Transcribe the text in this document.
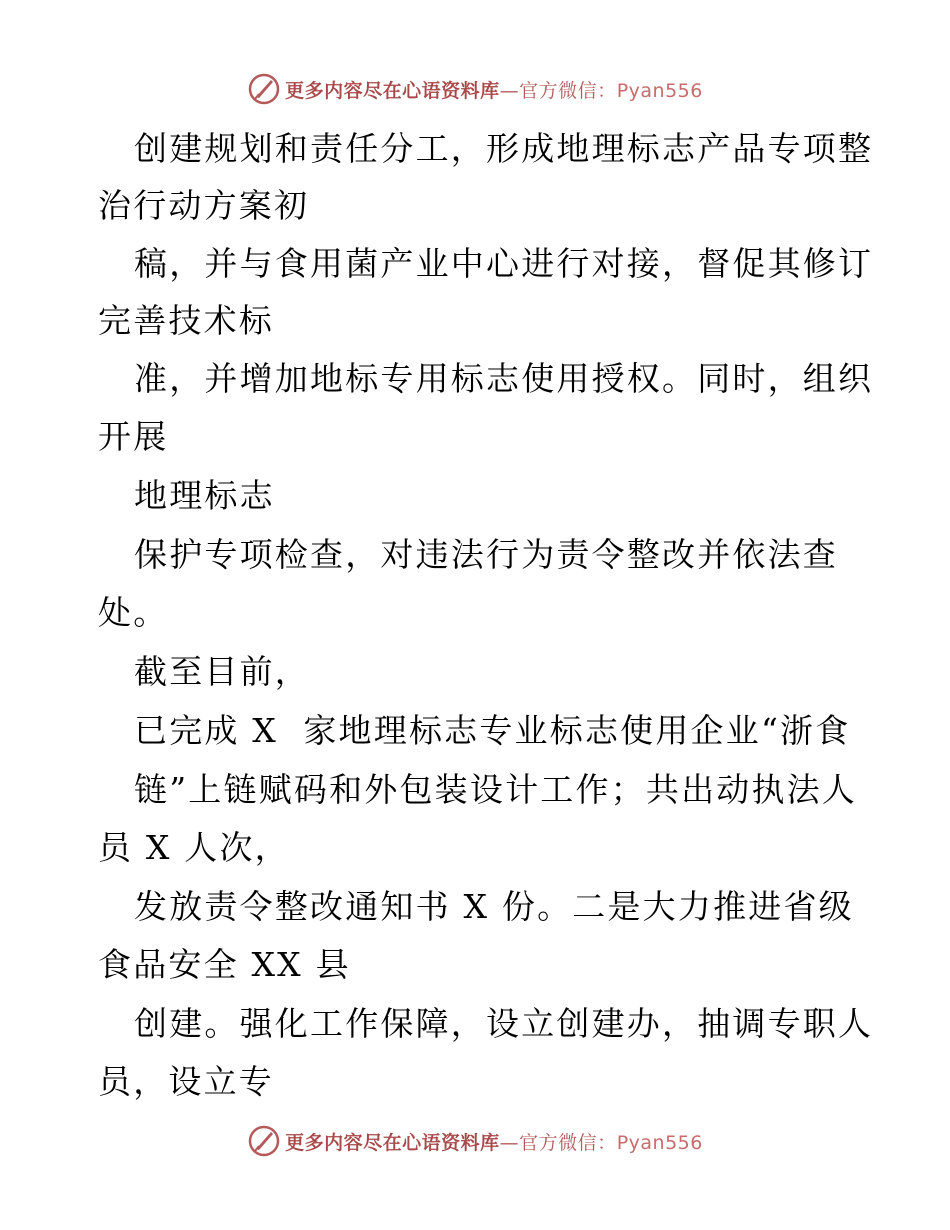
更多内容尽在心语资料库—官方微信：Pyan556
创建规划和责任分工，形成地理标志产品专项整
治行动方案初
稿，并与食用菌产业中心进行对接，督促其修订
完善技术标
准，并增加地标专用标志使用授权。同时，组织
开展
地理标志
保护专项检查，对违法行为责令整改并依法查
处。
截至目前，
已完成 X  家地理标志专业标志使用企业“浙食
链”上链赋码和外包装设计工作；共出动执法人
员 X 人次，
发放责令整改通知书 X 份。二是大力推进省级
食品安全 XX 县
创建。强化工作保障，设立创建办，抽调专职人
员，设立专
更多内容尽在心语资料库—官方微信：Pyan556
